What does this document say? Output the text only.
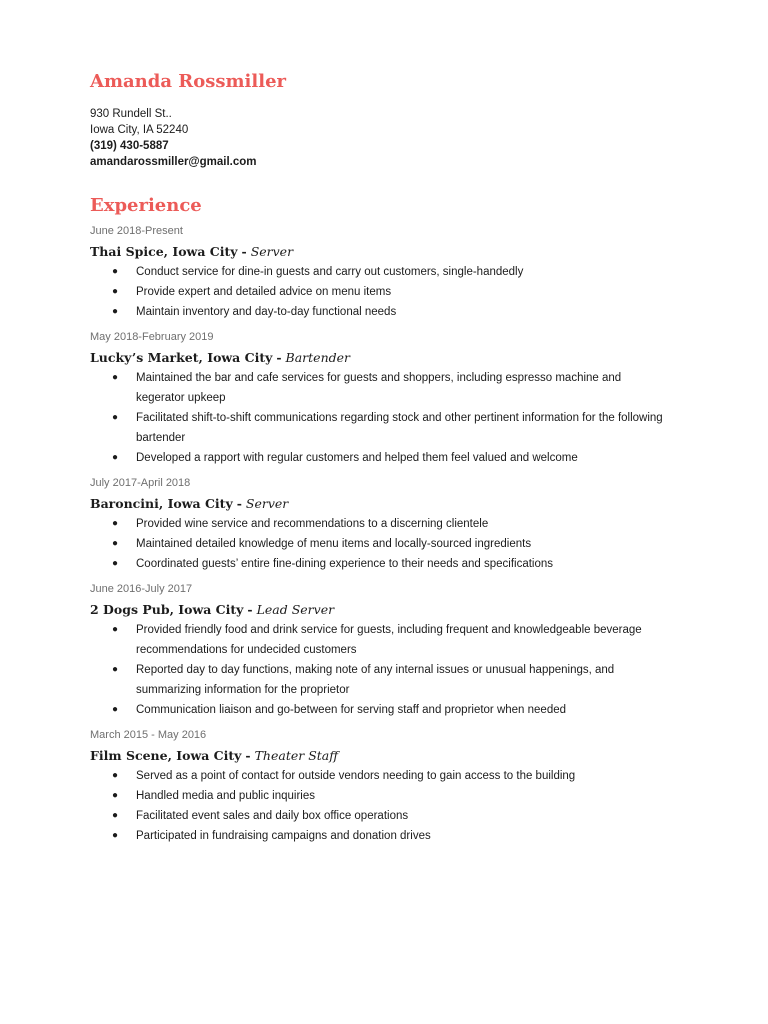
Amanda Rossmiller
930 Rundell St..
Iowa City, IA 52240
(319) 430-5887
amandarossmiller@gmail.com
Experience
June 2018-Present
Thai Spice, Iowa City - Server
● Conduct service for dine-in guests and carry out customers, single-handedly
● Provide expert and detailed advice on menu items
● Maintain inventory and day-to-day functional needs
May 2018-February 2019
Lucky’s Market, Iowa City - Bartender
● Maintained the bar and cafe services for guests and shoppers, including espresso machine and kegerator upkeep
● Facilitated shift-to-shift communications regarding stock and other pertinent information for the following bartender
● Developed a rapport with regular customers and helped them feel valued and welcome
July 2017-April 2018
Baroncini, Iowa City - Server
● Provided wine service and recommendations to a discerning clientele
● Maintained detailed knowledge of menu items and locally-sourced ingredients
● Coordinated guests’ entire fine-dining experience to their needs and specifications
June 2016-July 2017
2 Dogs Pub, Iowa City - Lead Server
● Provided friendly food and drink service for guests, including frequent and knowledgeable beverage recommendations for undecided customers
● Reported day to day functions, making note of any internal issues or unusual happenings, and summarizing information for the proprietor
● Communication liaison and go-between for serving staff and proprietor when needed
March 2015 - May 2016
Film Scene, Iowa City - Theater Staff
● Served as a point of contact for outside vendors needing to gain access to the building
● Handled media and public inquiries
● Facilitated event sales and daily box office operations
● Participated in fundraising campaigns and donation drives
